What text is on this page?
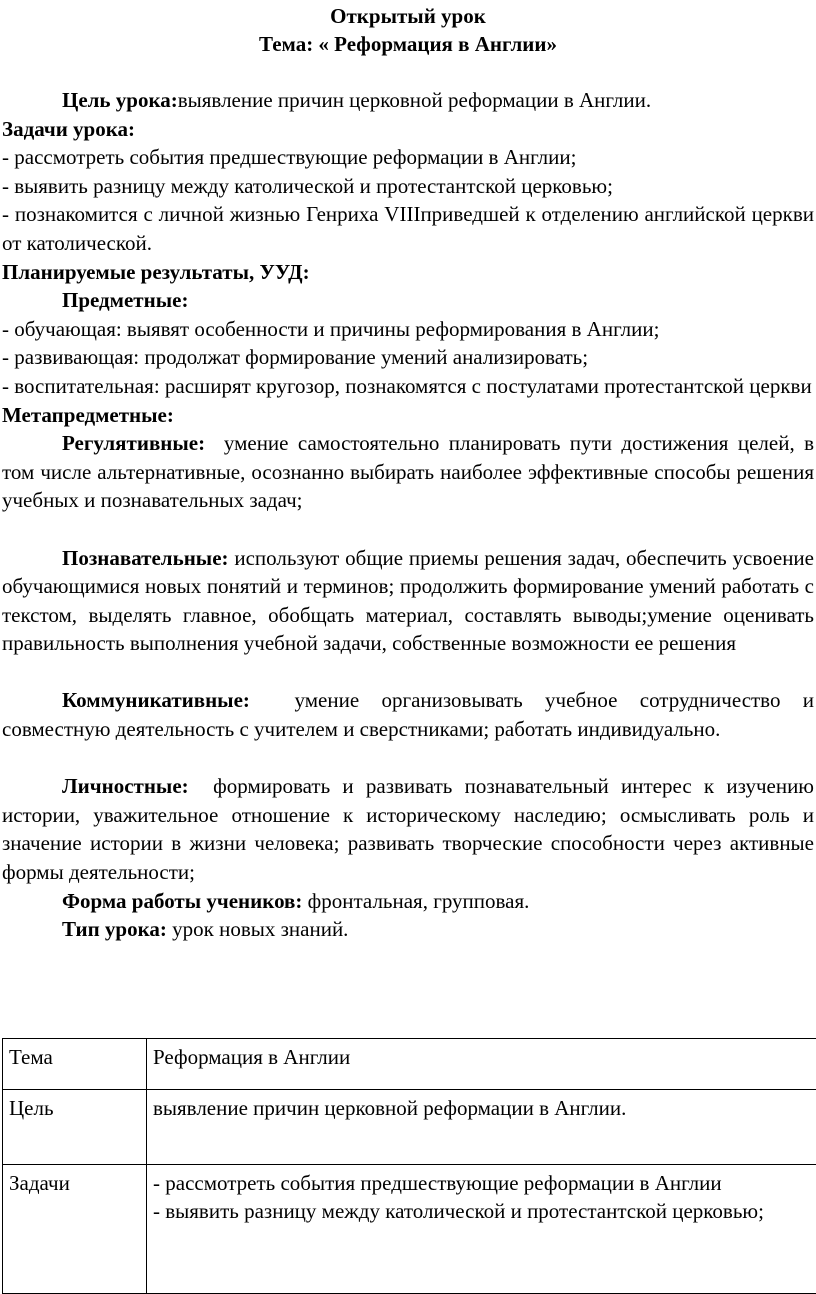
Открытый урок
Тема: « Реформация в Англии»

Цель урока:выявление причин церковной реформации в Англии.

Задачи урока:

- рассмотреть события предшествующие реформации в Англии;

- выявить разницу между католической и протестантской церковью;

- познакомится с личной жизнью Генриха VIIIприведшей к отделению английской церкви от католической.

Планируемые результаты, УУД:

Предметные:

- обучающая: выявят особенности и причины реформирования в Англии;

- развивающая: продолжат формирование умений анализировать;

- воспитательная: расширят кругозор, познакомятся с постулатами протестантской церкви

Метапредметные:

Регулятивные: умение самостоятельно планировать пути достижения целей, в том числе альтернативные, осознанно выбирать наиболее эффективные способы решения учебных и познавательных задач;

Познавательные: используют общие приемы решения задач, обеспечить усвоение обучающимися новых понятий и терминов; продолжить формирование умений работать с текстом, выделять главное, обобщать материал, составлять выводы;умение оценивать правильность выполнения учебной задачи, собственные возможности ее решения

Коммуникативные: умение организовывать учебное сотрудничество и совместную деятельность с учителем и сверстниками; работать индивидуально.

Личностные: формировать и развивать познавательный интерес к изучению истории, уважительное отношение к историческому наследию; осмысливать роль и значение истории в жизни человека; развивать творческие способности через активные формы деятельности;

Форма работы учеников: фронтальная, групповая.

Тип урока: урок новых знаний.

Тема	Реформация в Англии
Цель	выявление причин церковной реформации в Англии.
Задачи	- рассмотреть события предшествующие реформации в Англии
- выявить разницу между католической и протестантской церковью;
